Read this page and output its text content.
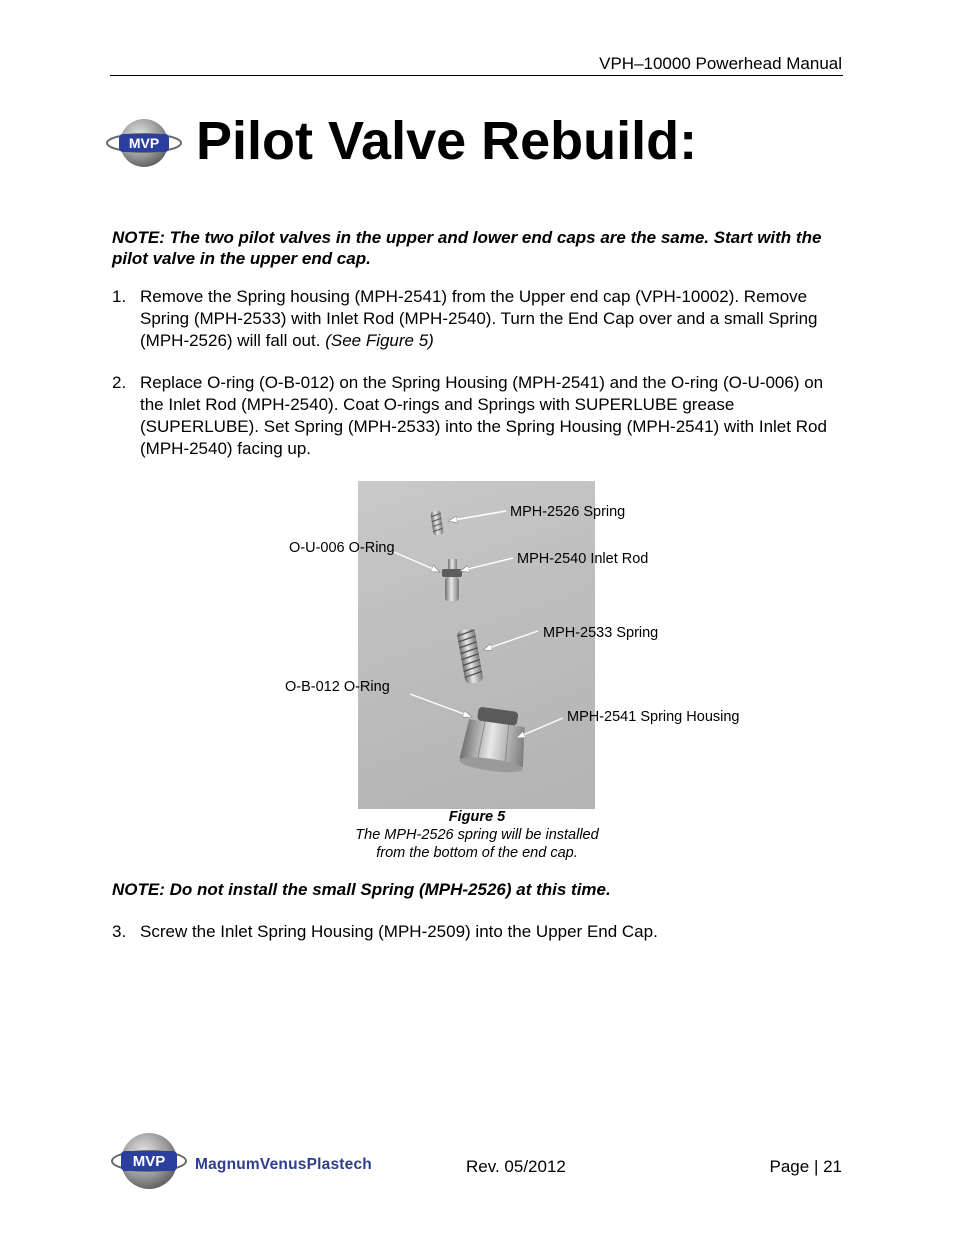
VPH–10000 Powerhead Manual
MVP Pilot Valve Rebuild:
NOTE: The two pilot valves in the upper and lower end caps are the same. Start with the pilot valve in the upper end cap.
1. Remove the Spring housing (MPH-2541) from the Upper end cap (VPH-10002). Remove Spring (MPH-2533) with Inlet Rod (MPH-2540). Turn the End Cap over and a small Spring (MPH-2526) will fall out. (See Figure 5)
2. Replace O-ring (O-B-012) on the Spring Housing (MPH-2541) and the O-ring (O-U-006) on the Inlet Rod (MPH-2540). Coat O-rings and Springs with SUPERLUBE grease (SUPERLUBE). Set Spring (MPH-2533) into the Spring Housing (MPH-2541) with Inlet Rod (MPH-2540) facing up.
MPH-2526 Spring
O-U-006 O-Ring
MPH-2540 Inlet Rod
MPH-2533 Spring
O-B-012 O-Ring
MPH-2541 Spring Housing
Figure 5
The MPH-2526 spring will be installed
from the bottom of the end cap.
NOTE: Do not install the small Spring (MPH-2526) at this time.
3. Screw the Inlet Spring Housing (MPH-2509) into the Upper End Cap.
MVP MagnumVenusPlastech	Rev. 05/2012	Page | 21
